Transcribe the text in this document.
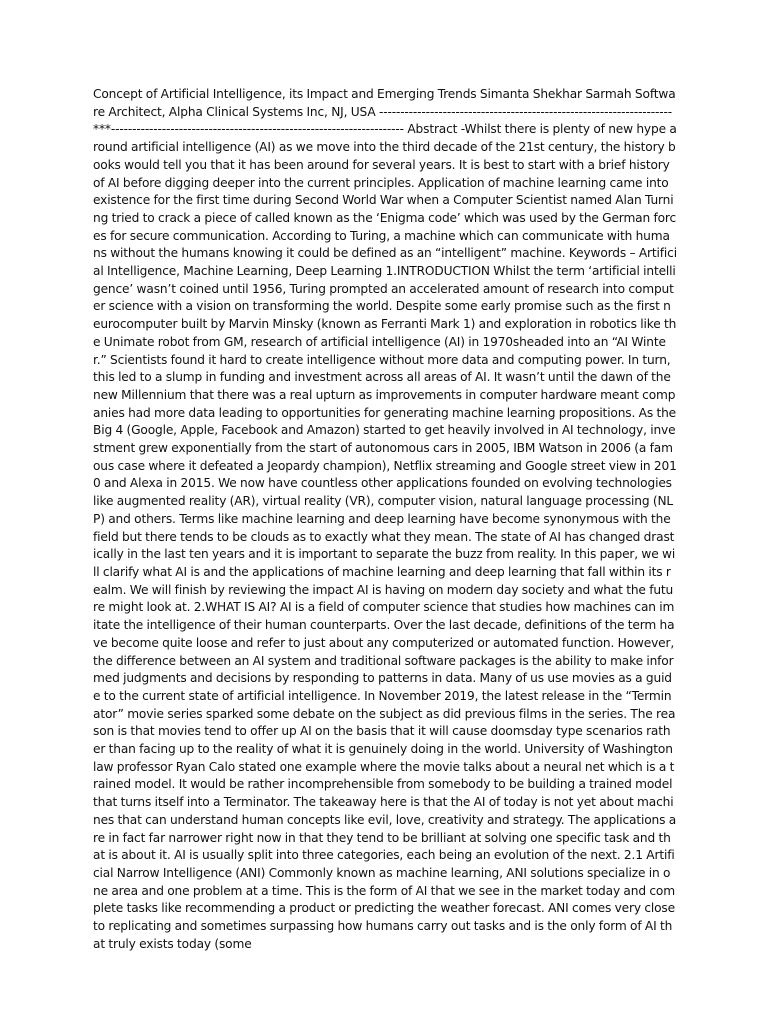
Concept of Artificial Intelligence, its Impact and Emerging Trends Simanta Shekhar Sarmah Software Architect, Alpha Clinical Systems Inc, NJ, USA ---------------------------------------------------------------------***--------------------------------------------------------------------- Abstract -Whilst there is plenty of new hype around artificial intelligence (AI) as we move into the third decade of the 21st century, the history books would tell you that it has been around for several years. It is best to start with a brief history of AI before digging deeper into the current principles. Application of machine learning came into existence for the first time during Second World War when a Computer Scientist named Alan Turning tried to crack a piece of called known as the ‘Enigma code’ which was used by the German forces for secure communication. According to Turing, a machine which can communicate with humans without the humans knowing it could be defined as an “intelligent” machine. Keywords – Artificial Intelligence, Machine Learning, Deep Learning 1.INTRODUCTION Whilst the term ‘artificial intelligence’ wasn’t coined until 1956, Turing prompted an accelerated amount of research into computer science with a vision on transforming the world. Despite some early promise such as the first neurocomputer built by Marvin Minsky (known as Ferranti Mark 1) and exploration in robotics like the Unimate robot from GM, research of artificial intelligence (AI) in 1970sheaded into an “AI Winter.” Scientists found it hard to create intelligence without more data and computing power. In turn, this led to a slump in funding and investment across all areas of AI. It wasn’t until the dawn of the new Millennium that there was a real upturn as improvements in computer hardware meant companies had more data leading to opportunities for generating machine learning propositions. As the Big 4 (Google, Apple, Facebook and Amazon) started to get heavily involved in AI technology, investment grew exponentially from the start of autonomous cars in 2005, IBM Watson in 2006 (a famous case where it defeated a Jeopardy champion), Netflix streaming and Google street view in 2010 and Alexa in 2015. We now have countless other applications founded on evolving technologies like augmented reality (AR), virtual reality (VR), computer vision, natural language processing (NLP) and others. Terms like machine learning and deep learning have become synonymous with the field but there tends to be clouds as to exactly what they mean. The state of AI has changed drastically in the last ten years and it is important to separate the buzz from reality. In this paper, we will clarify what AI is and the applications of machine learning and deep learning that fall within its realm. We will finish by reviewing the impact AI is having on modern day society and what the future might look at. 2.WHAT IS AI? AI is a field of computer science that studies how machines can imitate the intelligence of their human counterparts. Over the last decade, definitions of the term have become quite loose and refer to just about any computerized or automated function. However, the difference between an AI system and traditional software packages is the ability to make informed judgments and decisions by responding to patterns in data. Many of us use movies as a guide to the current state of artificial intelligence. In November 2019, the latest release in the “Terminator” movie series sparked some debate on the subject as did previous films in the series. The reason is that movies tend to offer up AI on the basis that it will cause doomsday type scenarios rather than facing up to the reality of what it is genuinely doing in the world. University of Washington law professor Ryan Calo stated one example where the movie talks about a neural net which is a trained model. It would be rather incomprehensible from somebody to be building a trained model that turns itself into a Terminator. The takeaway here is that the AI of today is not yet about machines that can understand human concepts like evil, love, creativity and strategy. The applications are in fact far narrower right now in that they tend to be brilliant at solving one specific task and that is about it. AI is usually split into three categories, each being an evolution of the next. 2.1 Artificial Narrow Intelligence (ANI) Commonly known as machine learning, ANI solutions specialize in one area and one problem at a time. This is the form of AI that we see in the market today and complete tasks like recommending a product or predicting the weather forecast. ANI comes very close to replicating and sometimes surpassing how humans carry out tasks and is the only form of AI that truly exists today (some
